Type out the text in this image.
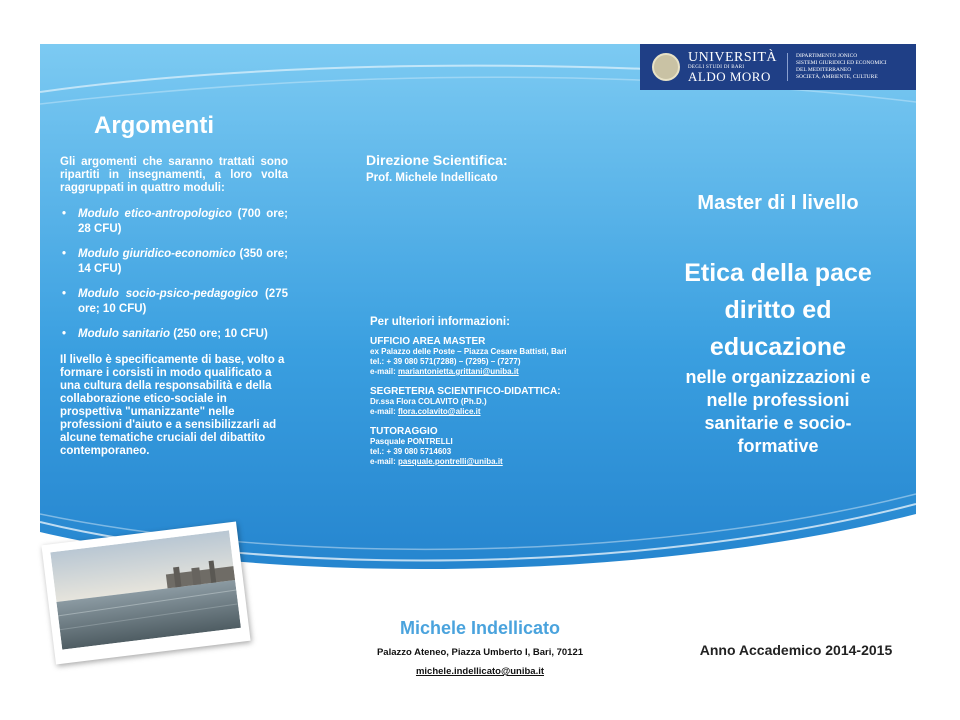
UNIVERSITÀ
DEGLI STUDI DI BARI
ALDO MORO
DIPARTIMENTO JONICO
SISTEMI GIURIDICI ED ECONOMICI
DEL MEDITERRANEO
SOCIETÀ, AMBIENTE, CULTURE
Argomenti

Gli argomenti che saranno trattati sono ripartiti in insegnamenti, a loro volta raggruppati in quattro moduli:

• Modulo etico-antropologico (700 ore; 28 CFU)
• Modulo giuridico-economico (350 ore; 14 CFU)
• Modulo socio-psico-pedagogico (275 ore; 10 CFU)
• Modulo sanitario (250 ore; 10 CFU)

Il livello è specificamente di base, volto a formare i corsisti in modo qualificato a una cultura della responsabilità e della collaborazione etico-sociale in prospettiva "umanizzante" nelle professioni d'aiuto e a sensibilizzarli ad alcune tematiche cruciali del dibattito contemporaneo.

Direzione Scientifica:

Prof. Michele Indellicato

Per ulteriori informazioni:

UFFICIO AREA MASTER

ex Palazzo delle Poste – Piazza Cesare Battisti, Bari

tel.: + 39 080 571(7288) – (7295) – (7277)

e-mail: mariantonietta.grittani@uniba.it

SEGRETERIA SCIENTIFICO-DIDATTICA:

Dr.ssa Flora COLAVITO (Ph.D.)

e-mail: flora.colavito@alice.it

TUTORAGGIO

Pasquale PONTRELLI

tel.: + 39 080 5714603

e-mail: pasquale.pontrelli@uniba.it

Master di I livello

Etica della pace
diritto ed
educazione

nelle organizzazioni e
nelle professioni
sanitarie e socio-
formative

Michele Indellicato
Palazzo Ateneo, Piazza Umberto I, Bari, 70121
michele.indellicato@uniba.it
Anno Accademico 2014-2015
